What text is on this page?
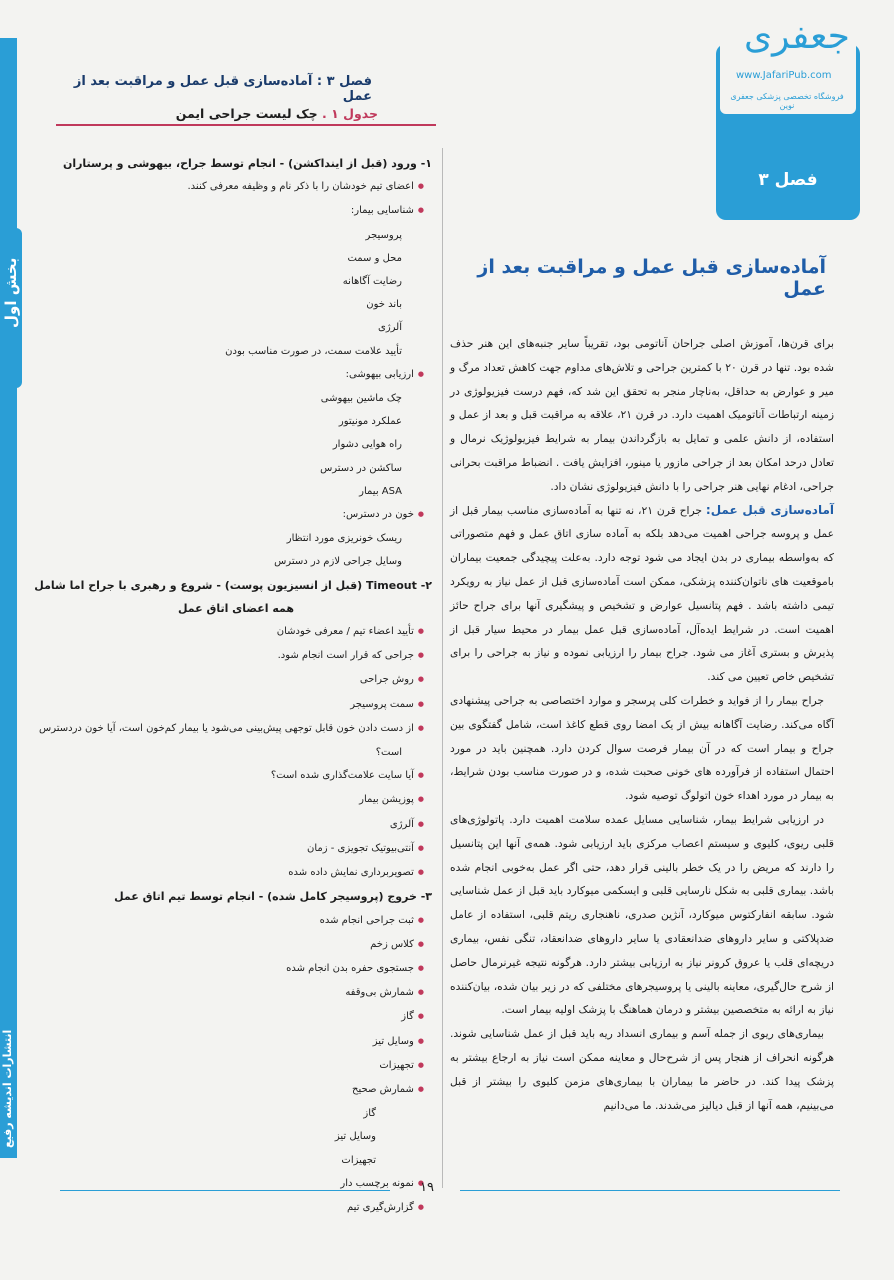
بخش اول
انتشارات اندیشه رفیع
جعفری
www.JafariPub.com
فروشگاه تخصصی پزشکی جعفری نوین
فصل ۳
فصل ۳ : آماده‌سازی قبل عمل و مراقبت بعد از عمل
جدول ۱ . چک لیست جراحی ایمن
۱- ورود (قبل از اینداکشن) - انجام توسط جراح، بیهوشی و پرستاران
● اعضای تیم خودشان را با ذکر نام و وظیفه معرفی کنند.
● شناسایی بیمار:
پروسیجر
محل و سمت
رضایت آگاهانه
باند خون
آلرژی
تأیید علامت سمت، در صورت مناسب بودن
● ارزیابی بیهوشی:
چک ماشین بیهوشی
عملکرد مونیتور
راه هوایی دشوار
ساکشن در دسترس
ASA بیمار
● خون در دسترس:
ریسک خونریزی مورد انتظار
وسایل جراحی لازم در دسترس
۲- Timeout (قبل از انسیزیون پوست) - شروع و رهبری با جراح اما شامل
همه اعضای اتاق عمل
● تأیید اعضاء تیم / معرفی خودشان
● جراحی که قرار است انجام شود.
● روش جراحی
● سمت پروسیجر
● از دست دادن خون قابل توجهی پیش‌بینی می‌شود یا بیمار کم‌خون است، آیا خون دردسترس
است؟
● آیا سایت علامت‌گذاری شده است؟
● پوزیشن بیمار
● آلرژی
● آنتی‌بیوتیک تجویزی - زمان
● تصویربرداری نمایش داده شده
۳- خروج (پروسیجر کامل شده) - انجام توسط تیم اتاق عمل
● ثبت جراحی انجام شده
● کلاس زخم
● جستجوی حفره بدن انجام شده
● شمارش بی‌وقفه
● گاز
● وسایل تیز
● تجهیزات
● شمارش صحیح
گاز
وسایل تیز
تجهیزات
● نمونه برچسب دار
● گزارش‌گیری تیم
آماده‌سازی قبل عمل و مراقبت بعد از عمل

برای قرن‌ها، آموزش اصلی جراحان آناتومی بود، تقریباً سایر جنبه‌های این هنر حذف شده بود. تنها در قرن ۲۰ با کمترین جراحی و تلاش‌های مداوم جهت کاهش تعداد مرگ و میر و عوارض به حداقل، به‌ناچار منجر به تحقق این شد که، فهم درست فیزیولوژی در زمینه ارتباطات آناتومیک اهمیت دارد. در قرن ۲۱، علاقه به مراقبت قبل و بعد از عمل و استفاده، از دانش علمی و تمایل به بازگرداندن بیمار به شرایط فیزیولوژیک نرمال و تعادل درحد امکان بعد از جراحی مازور یا مینور، افزایش یافت . انضباط مراقبت بحرانی جراحی، ادغام نهایی هنر جراحی را با دانش فیزیولوژی نشان داد.

آماده‌سازی قبل عمل: جراح قرن ۲۱، نه تنها به آماده‌سازی مناسب بیمار قبل از عمل و پروسه جراحی اهمیت می‌دهد بلکه به آماده سازی اتاق عمل و فهم متصوراتی که به‌واسطه بیماری در بدن ایجاد می شود توجه دارد. به‌علت پیچیدگی جمعیت بیماران باموقعیت های ناتوان‌کننده پزشکی، ممکن است آماده‌سازی قبل از عمل نیاز به رویکرد تیمی داشته باشد . فهم پتانسیل عوارض و تشخیص و پیشگیری آنها برای جراح حائز اهمیت است. در شرایط ایده‌آل، آماده‌سازی قبل عمل بیمار در محیط سیار قبل از پذیرش و بستری آغاز می شود. جراح بیمار را ارزیابی نموده و نیاز به جراحی را برای تشخیص خاص تعیین می کند.

جراح بیمار را از فواید و خطرات کلی پرسجر و موارد اختصاصی به جراحی پیشنهادی آگاه می‌کند. رضایت آگاهانه بیش از یک امضا روی قطع کاغذ است، شامل گفتگوی بین جراح و بیمار است که در آن بیمار فرصت سوال کردن دارد. همچنین باید در مورد احتمال استفاده از فرآورده های خونی صحبت شده، و در صورت مناسب بودن شرایط، به بیمار در مورد اهداء خون اتولوگ توصیه شود.

در ارزیابی شرایط بیمار، شناسایی مسایل عمده سلامت اهمیت دارد. پاتولوژی‌های قلبی ریوی، کلیوی و سیستم اعصاب مرکزی باید ارزیابی شود. همه‌ی آنها این پتانسیل را دارند که مریض را در یک خطر بالینی قرار دهد، حتی اگر عمل به‌خوبی انجام شده باشد. بیماری قلبی به شکل نارسایی قلبی و ایسکمی میوکارد باید قبل از عمل شناسایی شود. سابقه انفارکتوس میوکارد، آنژین صدری، ناهنجاری ریتم قلبی، استفاده از عامل ضدپلاکتی و سایر داروهای ضدانعقادی یا سایر داروهای ضدانعقاد، تنگی نفس، بیماری دریچه‌ای قلب یا عروق کرونر نیاز به ارزیابی بیشتر دارد. هرگونه نتیجه غیرنرمال حاصل از شرح حال‌گیری، معاینه بالینی یا پروسیجرهای مختلفی که در زیر بیان شده، بیان‌کننده نیاز به ارائه به متخصصین بیشتر و درمان هماهنگ با پزشک اولیه بیمار است.

بیماری‌های ریوی از جمله آسم و بیماری انسداد ریه باید قبل از عمل شناسایی شوند. هرگونه انحراف از هنجار پس از شرح‌حال و معاینه ممکن است نیاز به ارجاع بیشتر به پزشک پیدا کند. در حاضر ما بیماران با بیماری‌های مزمن کلیوی را بیشتر از قبل می‌بینیم، همه آنها از قبل دیالیز می‌شدند. ما می‌دانیم

۱۹
